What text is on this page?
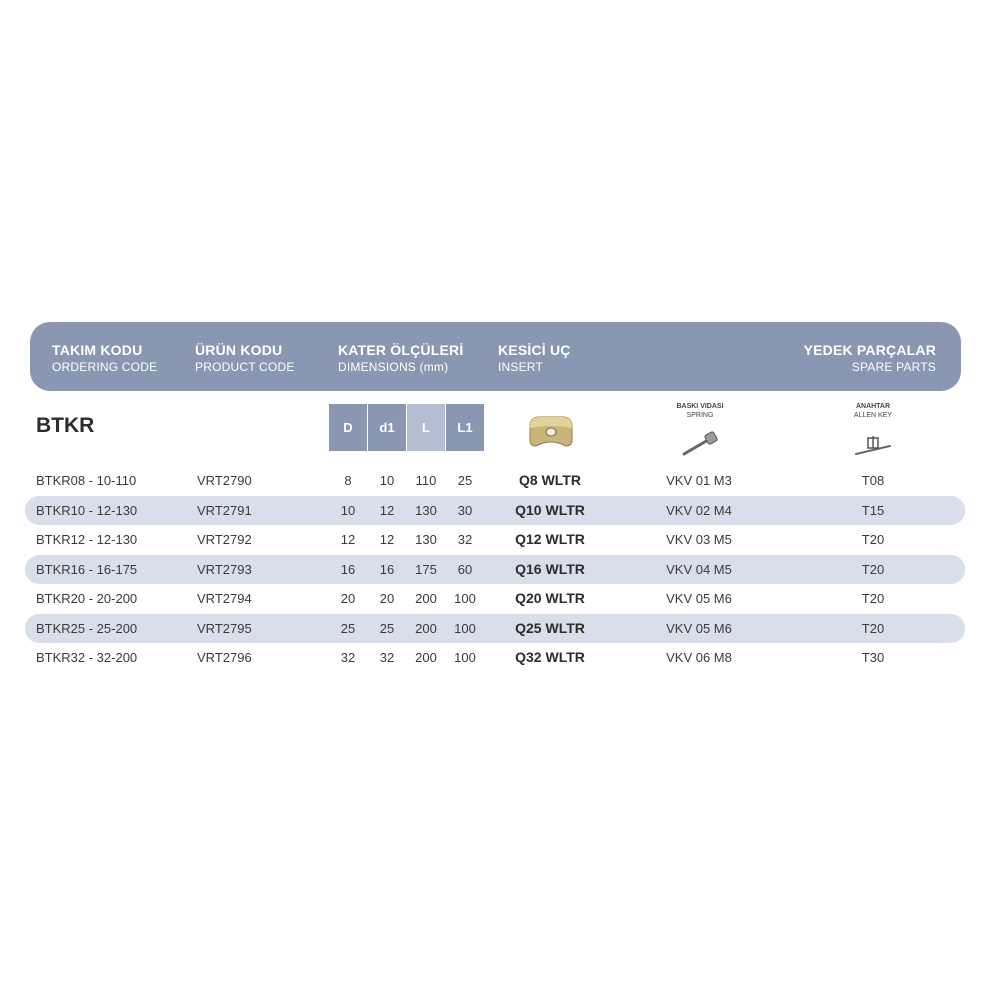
TAKIM KODU
ORDERING CODE
ÜRÜN KODU
PRODUCT CODE
KATER ÖLÇÜLERİ
DIMENSIONS (mm)
KESİCİ UÇ
INSERT
YEDEK PARÇALAR
SPARE PARTS
BTKR	D	d1	L	L1
BASKI VIDASI
SPRING
ANAHTAR
ALLEN KEY
BTKR08 - 10-110	VRT2790	8	10	110	25	Q8 WLTR	VKV 01 M3	T08
BTKR10 - 12-130	VRT2791	10	12	130	30	Q10 WLTR	VKV 02 M4	T15
BTKR12 - 12-130	VRT2792	12	12	130	32	Q12 WLTR	VKV 03 M5	T20
BTKR16 - 16-175	VRT2793	16	16	175	60	Q16 WLTR	VKV 04 M5	T20
BTKR20 - 20-200	VRT2794	20	20	200	100	Q20 WLTR	VKV 05 M6	T20
BTKR25 - 25-200	VRT2795	25	25	200	100	Q25 WLTR	VKV 05 M6	T20
BTKR32 - 32-200	VRT2796	32	32	200	100	Q32 WLTR	VKV 06 M8	T30
